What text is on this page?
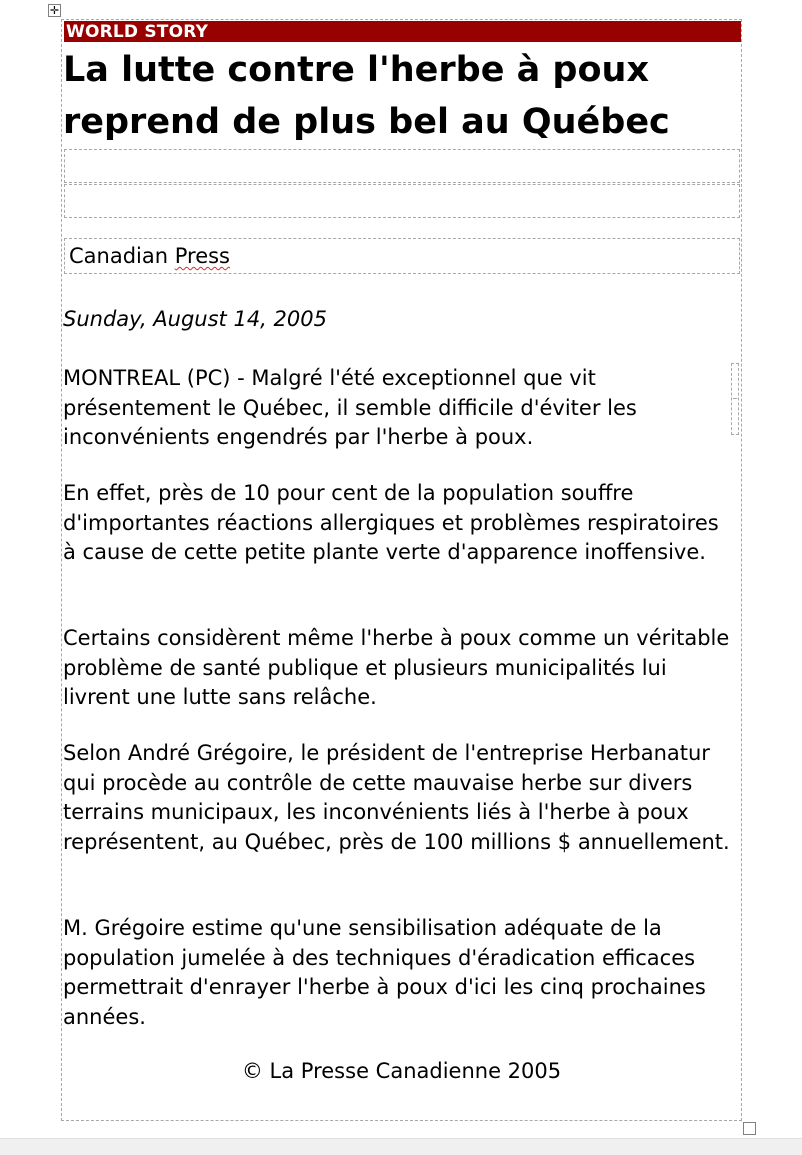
✛
WORLD STORY
La lutte contre l'herbe à poux reprend de plus bel au Québec
Canadian Press
Sunday, August 14, 2005

MONTREAL (PC) - Malgré l'été exceptionnel que vit présentement le Québec, il semble difficile d'éviter les inconvénients engendrés par l'herbe à poux.

En effet, près de 10 pour cent de la population souffre d'importantes réactions allergiques et problèmes respiratoires à cause de cette petite plante verte d'apparence inoffensive.

Certains considèrent même l'herbe à poux comme un véritable problème de santé publique et plusieurs municipalités lui livrent une lutte sans relâche.

Selon André Grégoire, le président de l'entreprise Herbanatur qui procède au contrôle de cette mauvaise herbe sur divers terrains municipaux, les inconvénients liés à l'herbe à poux représentent, au Québec, près de 100 millions $ annuellement.

M. Grégoire estime qu'une sensibilisation adéquate de la population jumelée à des techniques d'éradication efficaces permettrait d'enrayer l'herbe à poux d'ici les cinq prochaines années.

© La Presse Canadienne 2005
